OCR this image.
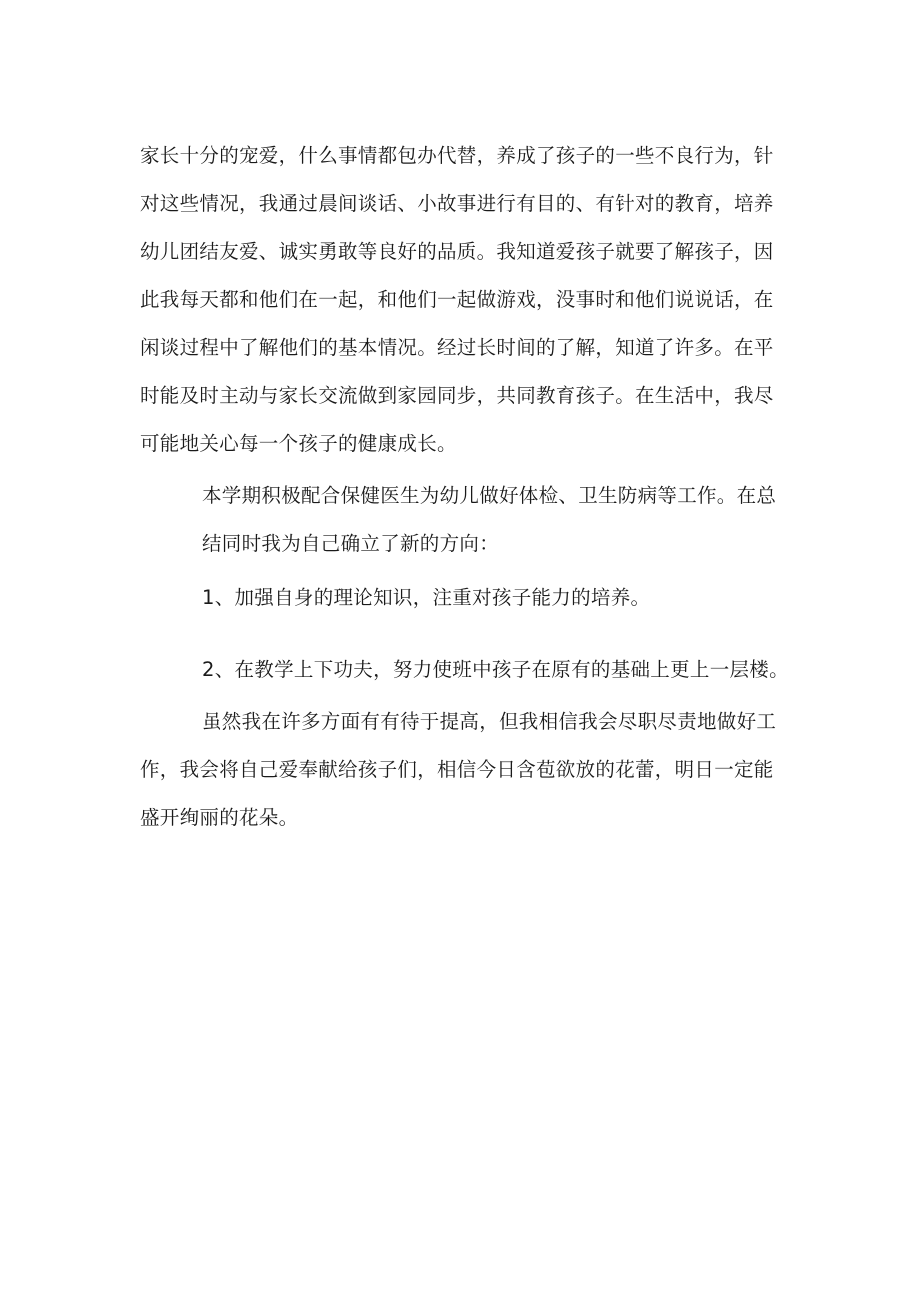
家长十分的宠爱，什么事情都包办代替，养成了孩子的一些不良行为，针
对这些情况，我通过晨间谈话、小故事进行有目的、有针对的教育，培养
幼儿团结友爱、诚实勇敢等良好的品质。我知道爱孩子就要了解孩子，因
此我每天都和他们在一起，和他们一起做游戏，没事时和他们说说话，在
闲谈过程中了解他们的基本情况。经过长时间的了解，知道了许多。在平
时能及时主动与家长交流做到家园同步，共同教育孩子。在生活中，我尽
可能地关心每一个孩子的健康成长。
本学期积极配合保健医生为幼儿做好体检、卫生防病等工作。在总
结同时我为自己确立了新的方向：
1、加强自身的理论知识，注重对孩子能力的培养。
2、在教学上下功夫，努力使班中孩子在原有的基础上更上一层楼。
虽然我在许多方面有有待于提高，但我相信我会尽职尽责地做好工
作，我会将自己爱奉献给孩子们，相信今日含苞欲放的花蕾，明日一定能
盛开绚丽的花朵。
